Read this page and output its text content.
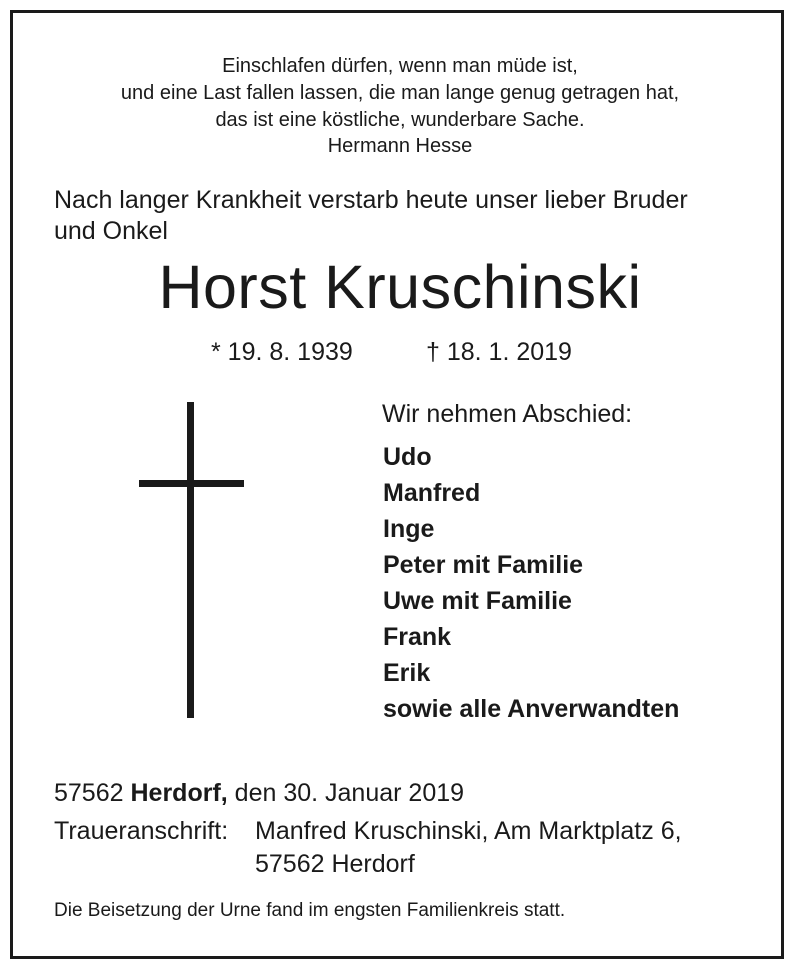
Einschlafen dürfen, wenn man müde ist,
und eine Last fallen lassen, die man lange genug getragen hat,
das ist eine köstliche, wunderbare Sache.
Hermann Hesse
Nach langer Krankheit verstarb heute unser lieber Bruder
und Onkel
Horst Kruschinski
* 19. 8. 1939	† 18. 1. 2019
Wir nehmen Abschied:
Udo
Manfred
Inge
Peter mit Familie
Uwe mit Familie
Frank
Erik
sowie alle Anverwandten
57562 Herdorf, den 30. Januar 2019
Traueranschrift: Manfred Kruschinski, Am Marktplatz 6,
57562 Herdorf
Die Beisetzung der Urne fand im engsten Familienkreis statt.
